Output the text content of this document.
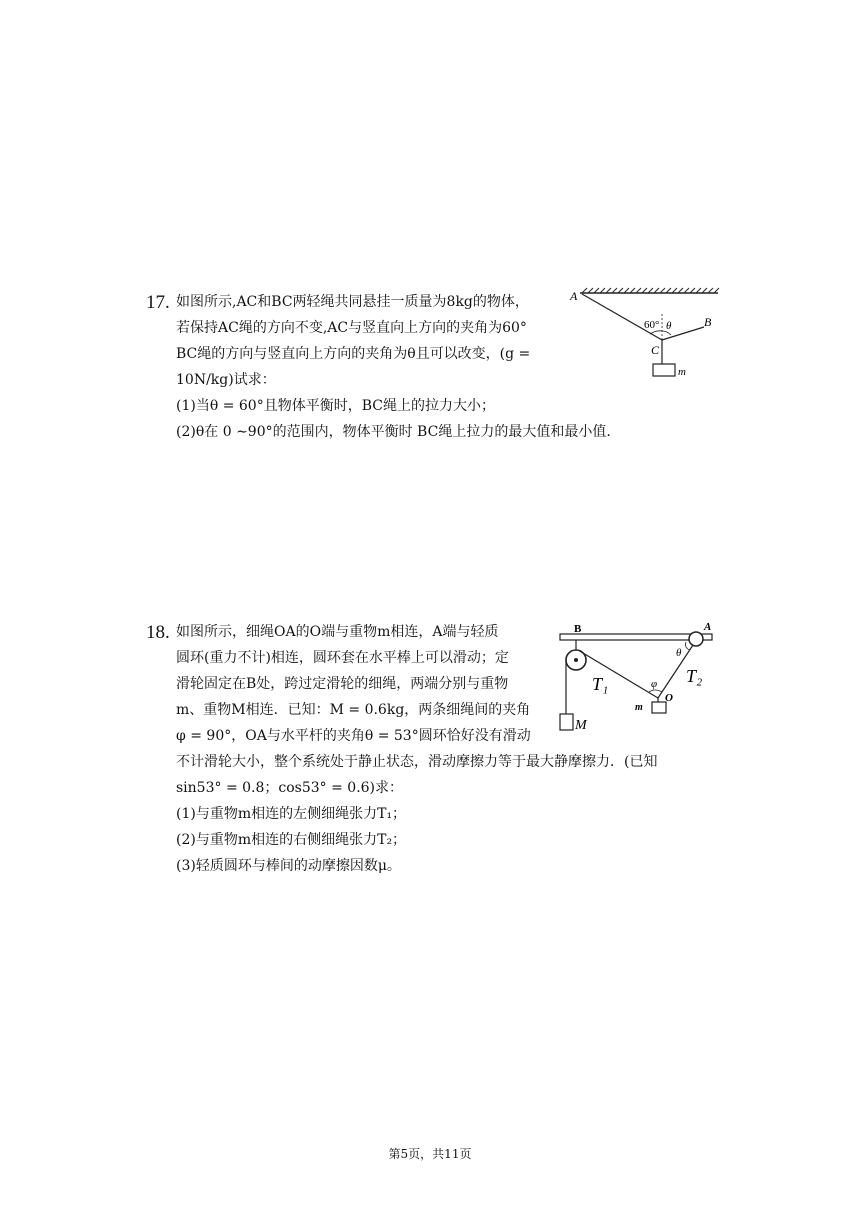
17. 如图所示,AC和BC两轻绳共同悬挂一质量为8kg的物体，
若保持AC绳的方向不变,AC与竖直向上方向的夹角为60°
BC绳的方向与竖直向上方向的夹角为θ且可以改变，(g =
10N/kg)试求：
(1)当θ = 60°且物体平衡时，BC绳上的拉力大小；
(2)θ在 0 ∼90°的范围内，物体平衡时 BC绳上拉力的最大值和最小值.
A
B
C
60° θ
m
18. 如图所示，细绳OA的O端与重物m相连，A端与轻质
圆环(重力不计)相连，圆环套在水平棒上可以滑动；定
滑轮固定在B处，跨过定滑轮的细绳，两端分别与重物
m、重物M相连．已知：M = 0.6kg，两条细绳间的夹角
φ = 90°，OA与水平杆的夹角θ = 53°圆环恰好没有滑动
不计滑轮大小，整个系统处于静止状态，滑动摩擦力等于最大静摩擦力．(已知
sin53° = 0.8；cos53° = 0.6)求：
(1)与重物m相连的左侧细绳张力T₁；
(2)与重物m相连的右侧细绳张力T₂；
(3)轻质圆环与棒间的动摩擦因数μ。
B	A
θ
T₁	T₂
φ
O
m
M
第5页，共11页
